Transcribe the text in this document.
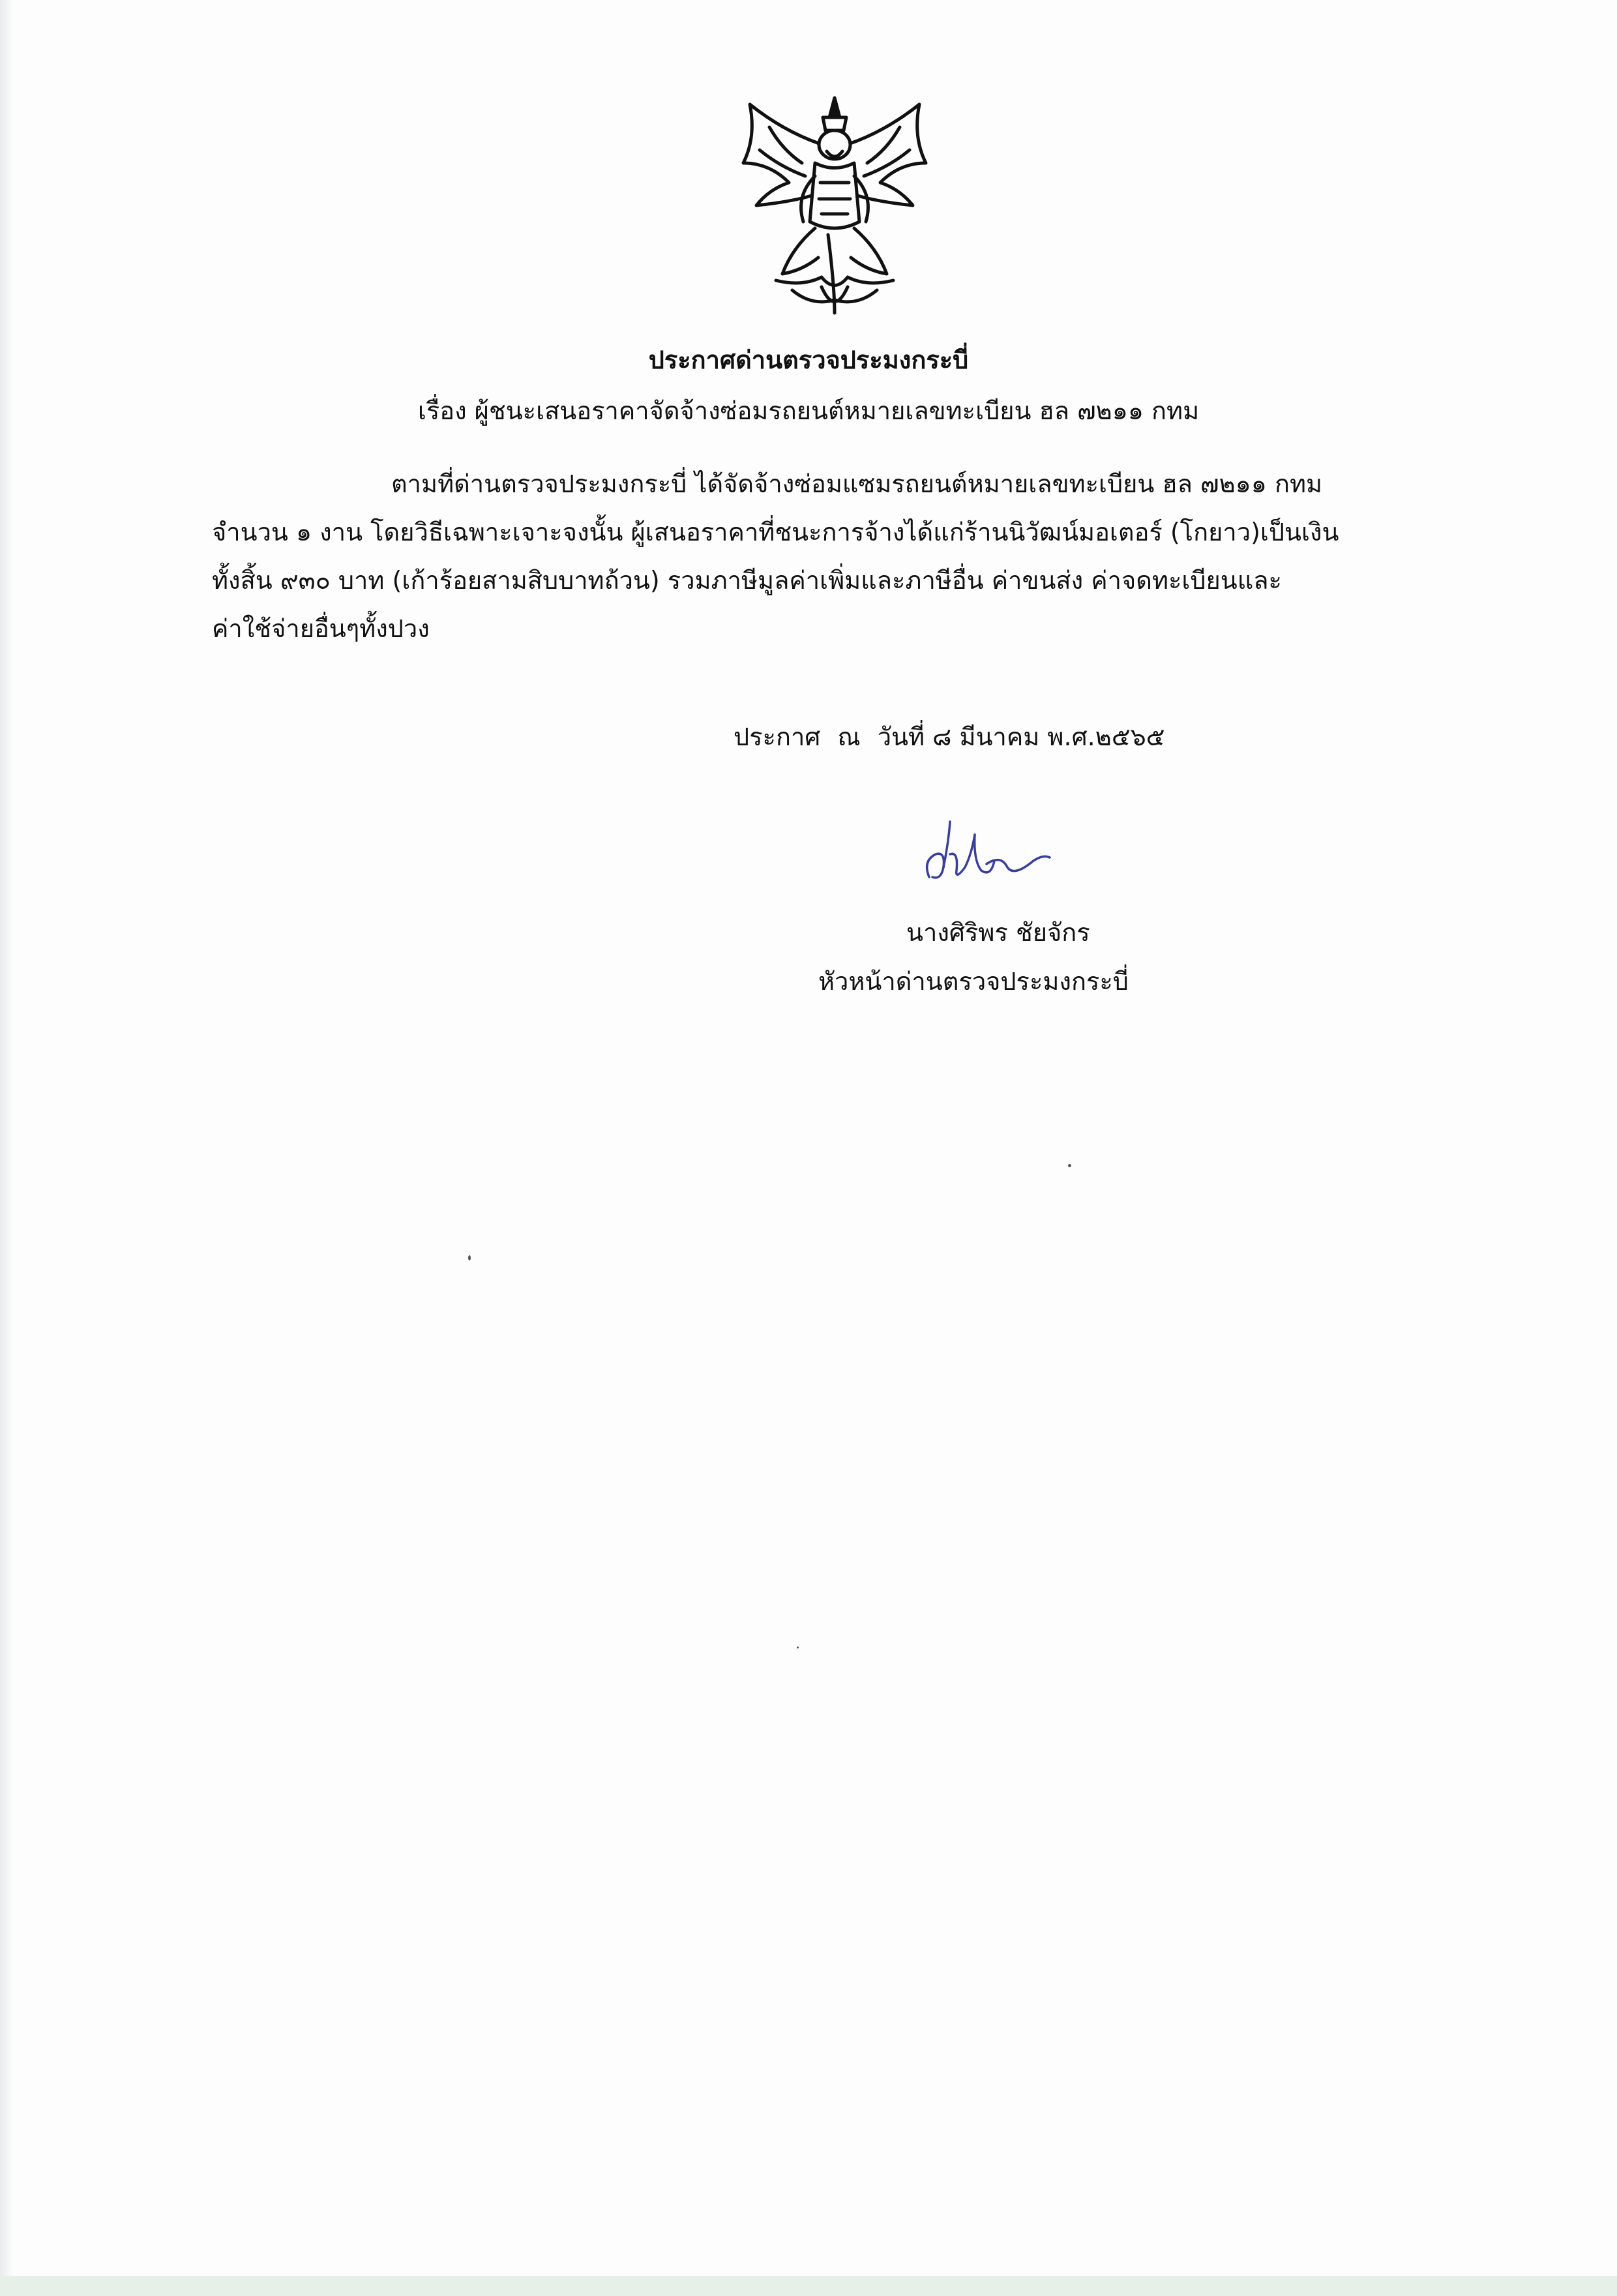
ประกาศด่านตรวจประมงกระบี่
เรื่อง ผู้ชนะเสนอราคาจัดจ้างซ่อมรถยนต์หมายเลขทะเบียน ฮล ๗๒๑๑ กทม
ตามที่ด่านตรวจประมงกระบี่ ได้จัดจ้างซ่อมแซมรถยนต์หมายเลขทะเบียน ฮล ๗๒๑๑ กทม
จำนวน ๑ งาน โดยวิธีเฉพาะเจาะจงนั้น ผู้เสนอราคาที่ชนะการจ้างได้แก่ร้านนิวัฒน์มอเตอร์ (โกยาว)เป็นเงิน
ทั้งสิ้น ๙๓๐ บาท (เก้าร้อยสามสิบบาทถ้วน) รวมภาษีมูลค่าเพิ่มและภาษีอื่น ค่าขนส่ง ค่าจดทะเบียนและ
ค่าใช้จ่ายอื่นๆทั้งปวง
ประกาศ ณ วันที่ ๘ มีนาคม พ.ศ.๒๕๖๕
นางศิริพร ชัยจักร
หัวหน้าด่านตรวจประมงกระบี่
